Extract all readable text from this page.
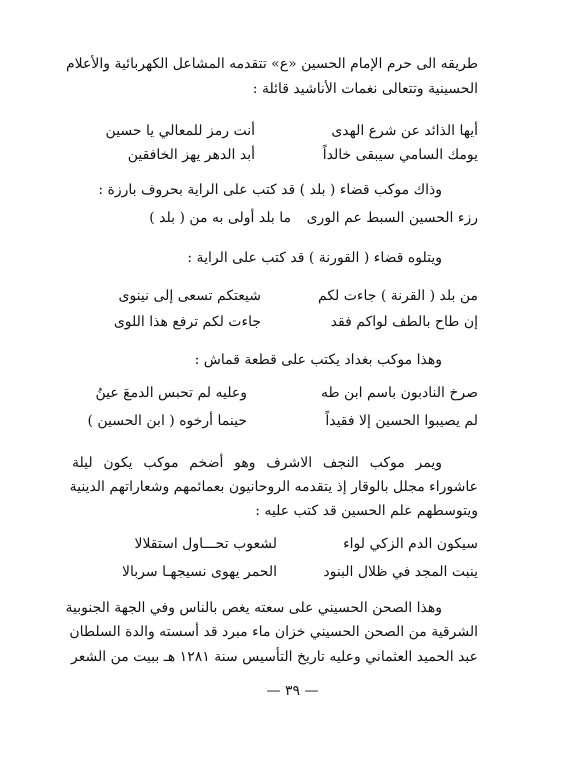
طريقه الى حرم الإمام الحسين «ع» تتقدمه المشاعل الكهربائية والأعلام
الحسينية وتتعالى نغمات الأناشيد قائلة :
أيها الذائد عن شرع الهدى
أنت رمز للمعالي يا حسين
يومك السامي سيبقى خالداً
أبد الدهر يهز الخافقين
وذاك موكب قضاء ( بلد ) قد كتب على الراية بحروف بارزة :
رزء الحسين السبط عم الورى
ما بلد أولى به من ( بلد )
ويتلوه قضاء ( القورنة ) قد كتب على الراية :
من بلد ( القرنة ) جاءت لكم
شيعتكم تسعى إلى نينوى
إن طاح بالطف لواكم فقد
جاءت لكم ترفع هذا اللوى
وهذا موكب بغداد يكتب على قطعة قماش :
صرخ النادبون باسم ابن طه
وعليه لم تحبس الدمعَ عينُ
لم يصيبوا الحسين إلا فقيداً
حينما أرخوه ( ابن الحسين )
ويمر موكب النجف الاشرف وهو أضخم موكب يكون ليلة
عاشوراء مجلل بالوقار إذ يتقدمه الروحانيون بعمائمهم وشعاراتهم الدينية
ويتوسطهم علم الحسين قد كتب عليه :
سيكون الدم الزكي لواء
لشعوب تحـــاول استقلالا
ينبت المجد في ظلال البنود
الحمر يهوى نسيجهـا سربالا
وهذا الصحن الحسيني على سعته يغص بالناس وفي الجهة الجنوبية
الشرقية من الصحن الحسيني خزان ماء مبرد قد أسسته والدة السلطان
عبد الحميد العثماني وعليه تاريخ التأسيس سنة ١٢٨١ هـ ببيت من الشعر
— ٣٩ —
